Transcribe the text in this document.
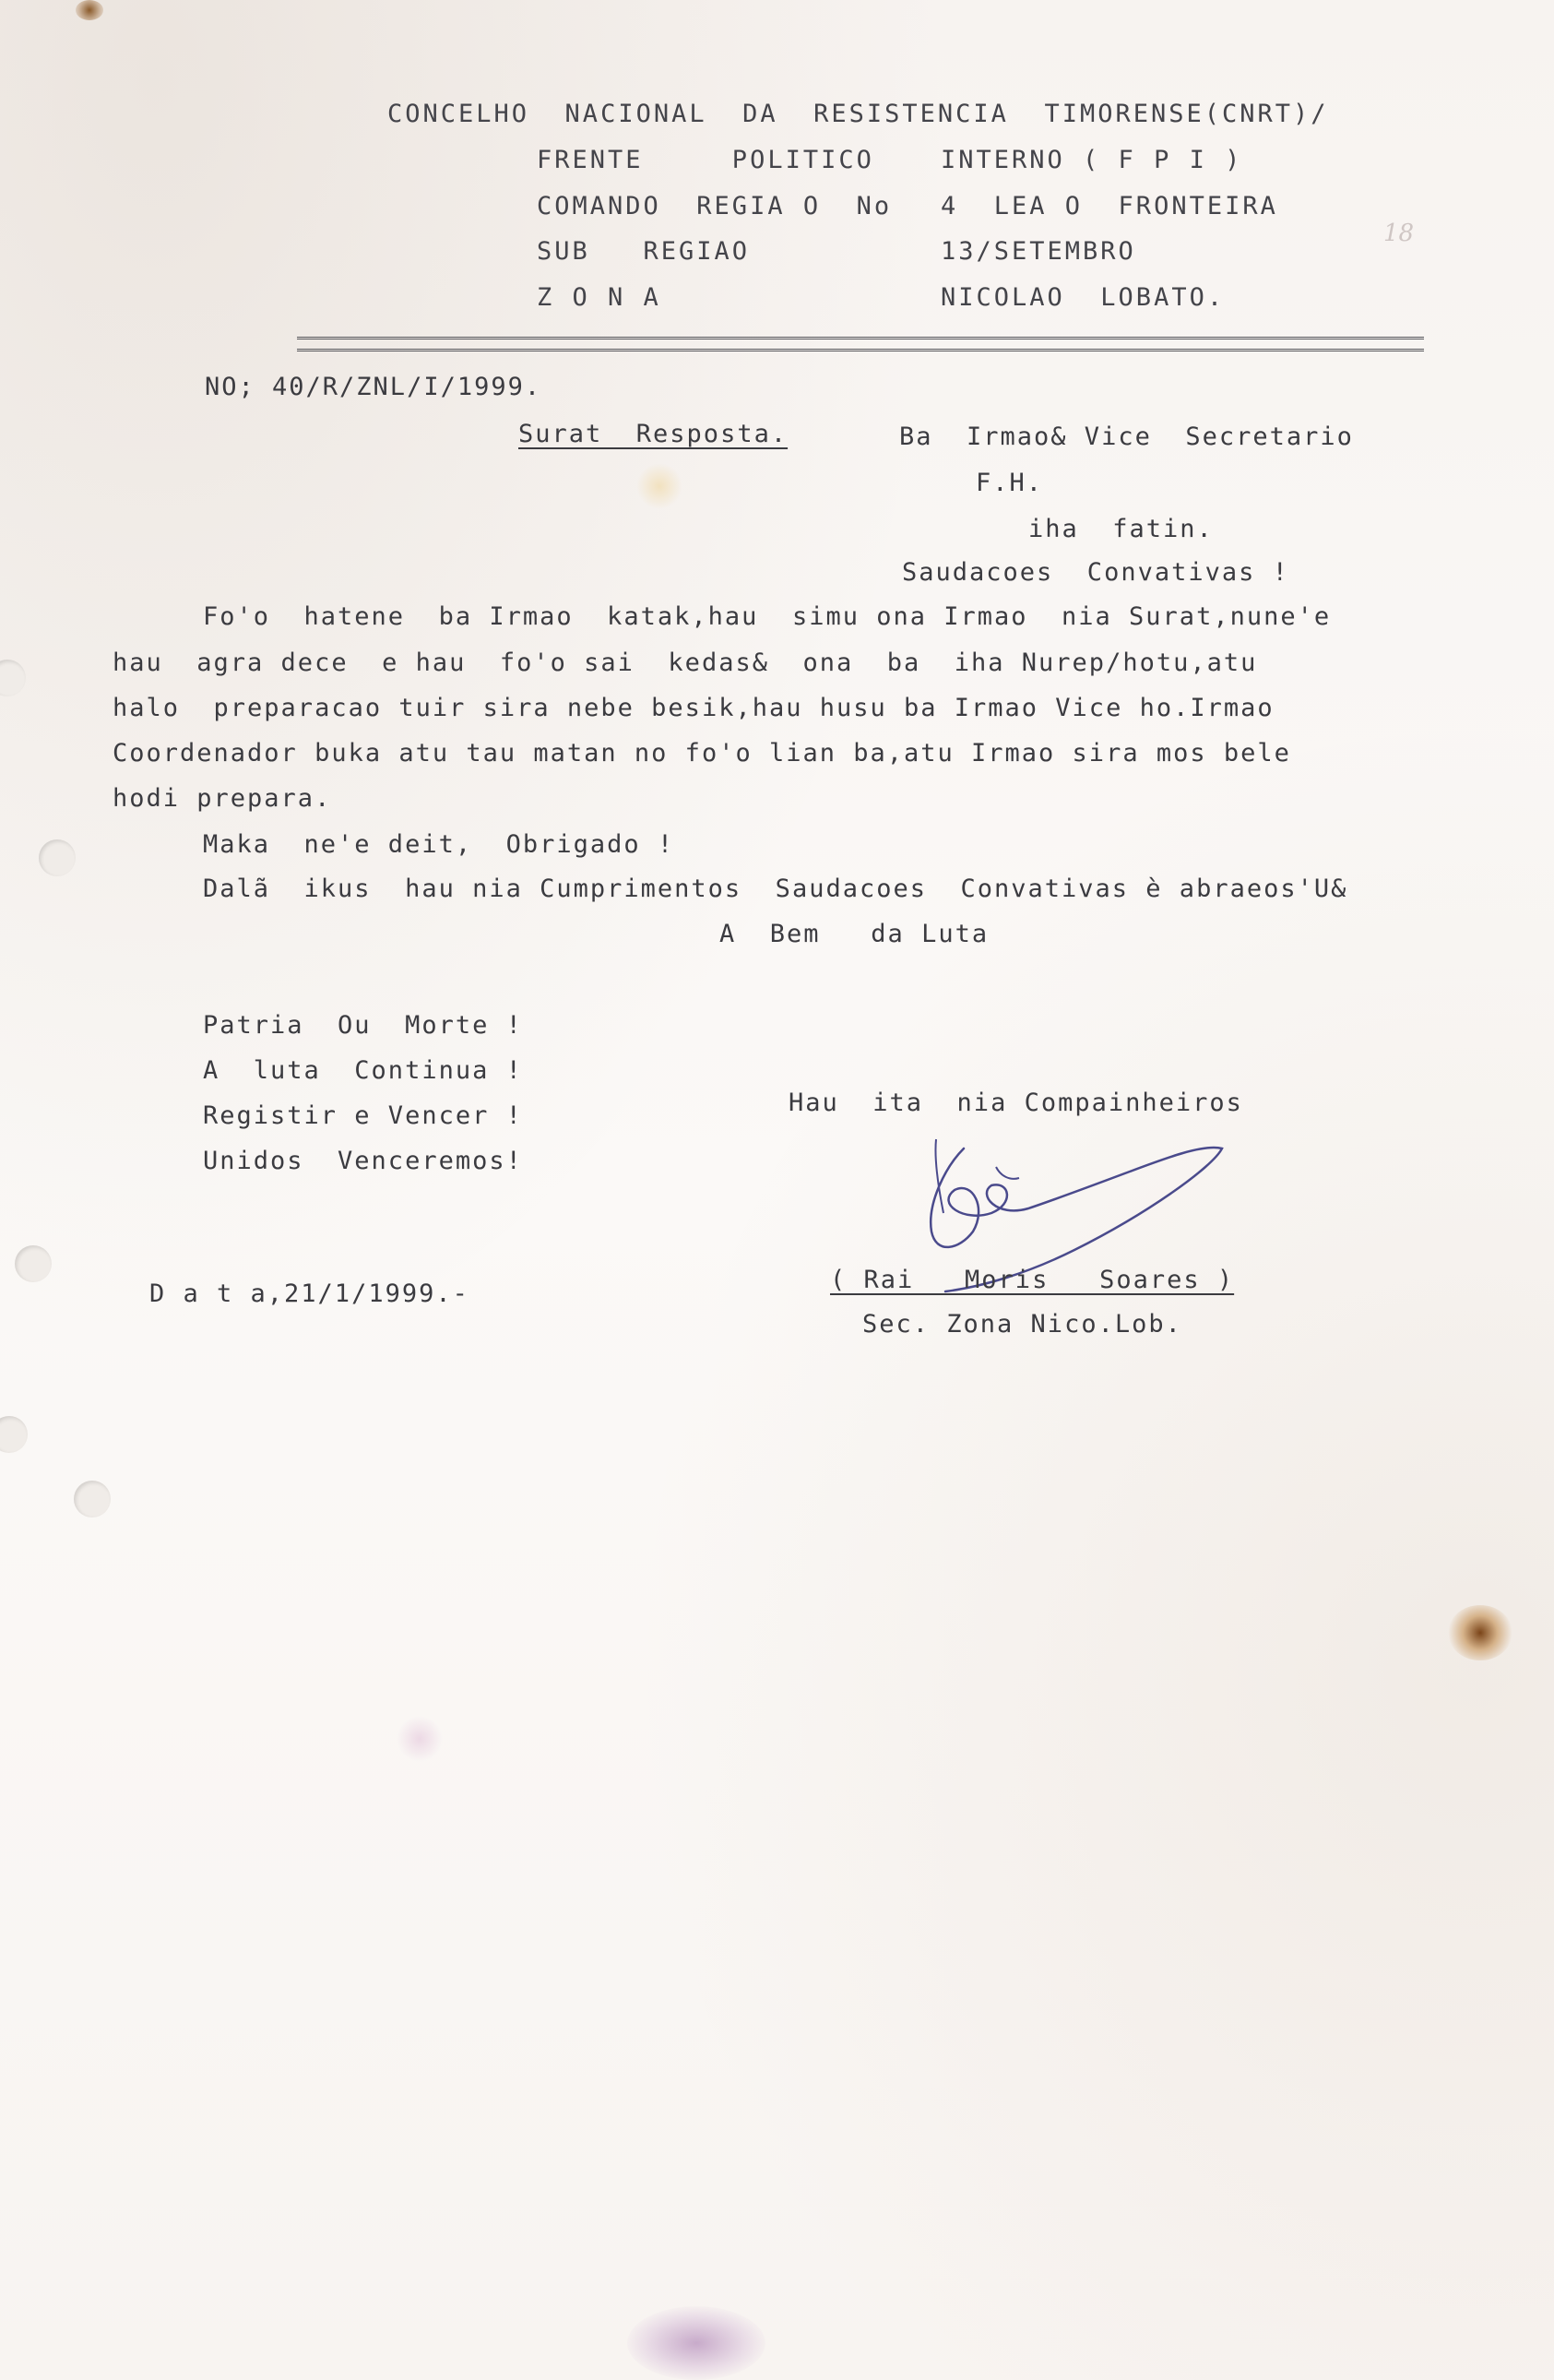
18
CONCELHO  NACIONAL  DA  RESISTENCIA  TIMORENSE(CNRT)/
FRENTE     POLITICO	INTERNO ( F P I )
COMANDO  REGIA O  No 4  LEA O  FRONTEIRA
SUB   REGIAO	13/SETEMBRO
Z O N A	NICOLAO  LOBATO.
NO; 40/R/ZNL/I/1999.
Surat  Resposta.	Ba  Irmao& Vice  Secretario
F.H.
iha  fatin.
Saudacoes  Convativas !
Fo'o  hatene  ba Irmao  katak,hau  simu ona Irmao  nia Surat,nune'e
hau  agra dece  e hau  fo'o sai  kedas&  ona  ba  iha Nurep/hotu,atu
halo  preparacao tuir sira nebe besik,hau husu ba Irmao Vice ho.Irmao
Coordenador buka atu tau matan no fo'o lian ba,atu Irmao sira mos bele
hodi prepara.
Maka  ne'e deit,  Obrigado !
Dalã  ikus  hau nia Cumprimentos  Saudacoes  Convativas è abraeos'U&
A  Bem   da Luta
Patria  Ou  Morte !
A  luta  Continua !
Registir e Vencer !
Unidos  Venceremos!
Hau  ita  nia Compainheiros
( Rai   Moris   Soares )
Sec. Zona Nico.Lob.
D a t a,21/1/1999.-
